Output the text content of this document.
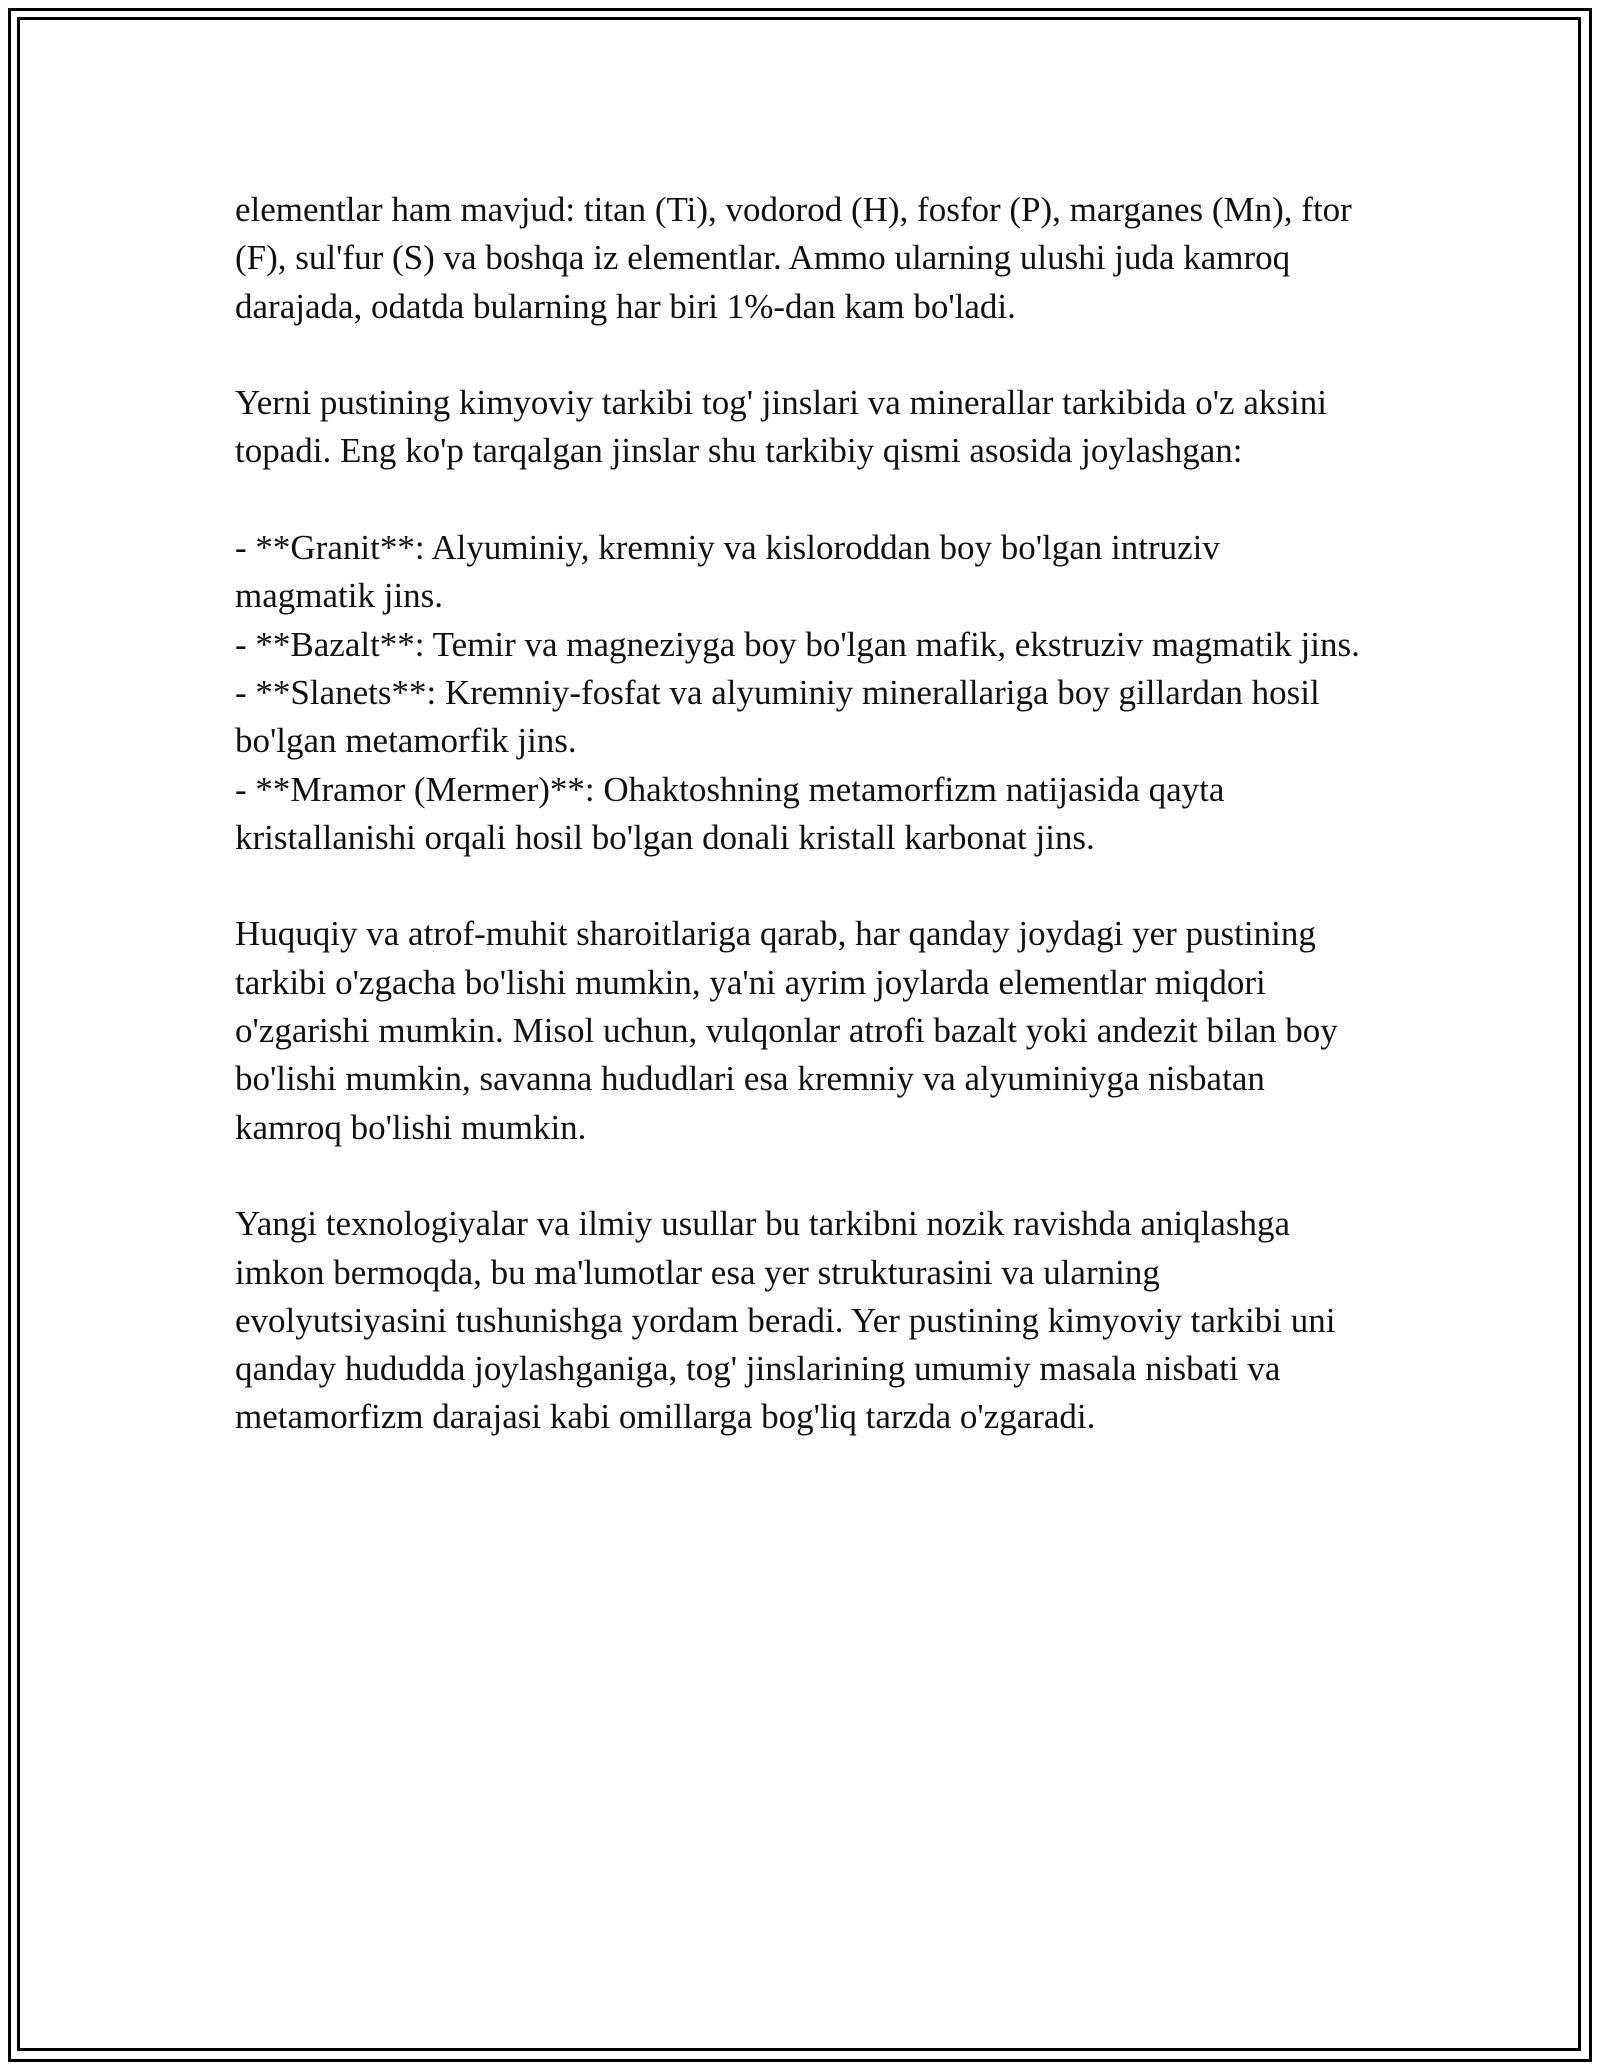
elementlar ham mavjud: titan (Ti), vodorod (H), fosfor (P), marganes (Mn), ftor (F), sul'fur (S) va boshqa iz elementlar. Ammo ularning ulushi juda kamroq darajada, odatda bularning har biri 1%-dan kam bo'ladi.

Yerni pustining kimyoviy tarkibi tog' jinslari va minerallar tarkibida o'z aksini topadi. Eng ko'p tarqalgan jinslar shu tarkibiy qismi asosida joylashgan:

- **Granit**: Alyuminiy, kremniy va kisloroddan boy bo'lgan intruziv magmatik jins.
- **Bazalt**: Temir va magneziyga boy bo'lgan mafik, ekstruziv magmatik jins.
- **Slanets**: Kremniy-fosfat va alyuminiy minerallariga boy gillardan hosil bo'lgan metamorfik jins.
- **Mramor (Mermer)**: Ohaktoshning metamorfizm natijasida qayta kristallanishi orqali hosil bo'lgan donali kristall karbonat jins.

Huquqiy va atrof-muhit sharoitlariga qarab, har qanday joydagi yer pustining tarkibi o'zgacha bo'lishi mumkin, ya'ni ayrim joylarda elementlar miqdori o'zgarishi mumkin. Misol uchun, vulqonlar atrofi bazalt yoki andezit bilan boy bo'lishi mumkin, savanna hududlari esa kremniy va alyuminiyga nisbatan kamroq bo'lishi mumkin.

Yangi texnologiyalar va ilmiy usullar bu tarkibni nozik ravishda aniqlashga imkon bermoqda, bu ma'lumotlar esa yer strukturasini va ularning evolyutsiyasini tushunishga yordam beradi. Yer pustining kimyoviy tarkibi uni qanday hududda joylashganiga, tog' jinslarining umumiy masala nisbati va metamorfizm darajasi kabi omillarga bog'liq tarzda o'zgaradi.
